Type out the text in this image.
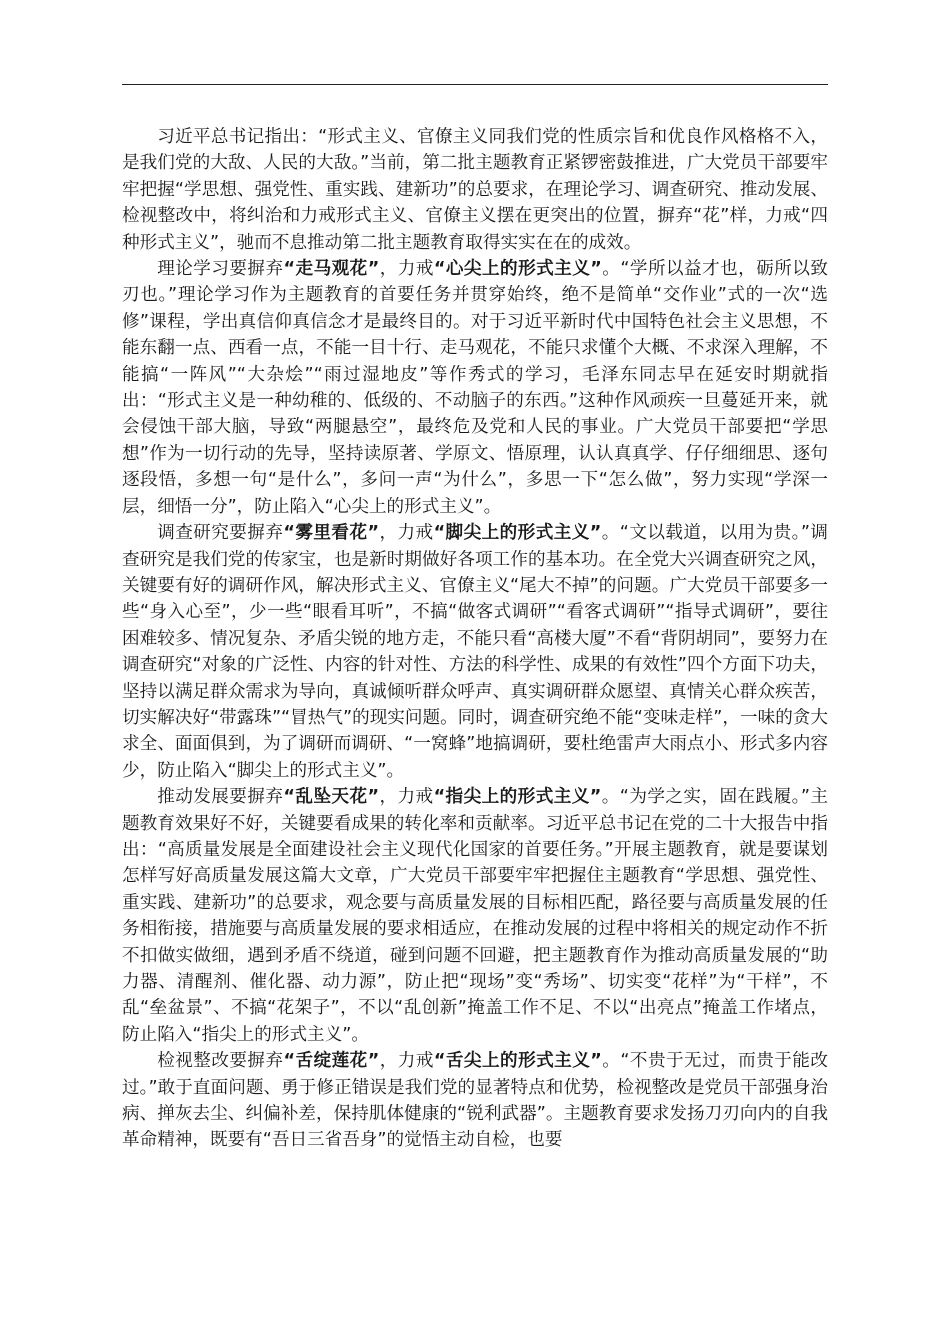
习近平总书记指出：“形式主义、官僚主义同我们党的性质宗旨和优良作风格格不入，是我们党的大敌、人民的大敌。”当前，第二批主题教育正紧锣密鼓推进，广大党员干部要牢牢把握“学思想、强党性、重实践、建新功”的总要求，在理论学习、调查研究、推动发展、检视整改中，将纠治和力戒形式主义、官僚主义摆在更突出的位置，摒弃“花”样，力戒“四种形式主义”，驰而不息推动第二批主题教育取得实实在在的成效。

理论学习要摒弃“走马观花”，力戒“心尖上的形式主义”。“学所以益才也，砺所以致刃也。”理论学习作为主题教育的首要任务并贯穿始终，绝不是简单“交作业”式的一次“选修”课程，学出真信仰真信念才是最终目的。对于习近平新时代中国特色社会主义思想，不能东翻一点、西看一点，不能一目十行、走马观花，不能只求懂个大概、不求深入理解，不能搞“一阵风”“大杂烩”“雨过湿地皮”等作秀式的学习，毛泽东同志早在延安时期就指出：“形式主义是一种幼稚的、低级的、不动脑子的东西。”这种作风顽疾一旦蔓延开来，就会侵蚀干部大脑，导致“两腿悬空”，最终危及党和人民的事业。广大党员干部要把“学思想”作为一切行动的先导，坚持读原著、学原文、悟原理，认认真真学、仔仔细细思、逐句逐段悟，多想一句“是什么”，多问一声“为什么”，多思一下“怎么做”，努力实现“学深一层，细悟一分”，防止陷入“心尖上的形式主义”。

调查研究要摒弃“雾里看花”，力戒“脚尖上的形式主义”。“文以载道，以用为贵。”调查研究是我们党的传家宝，也是新时期做好各项工作的基本功。在全党大兴调查研究之风，关键要有好的调研作风，解决形式主义、官僚主义“尾大不掉”的问题。广大党员干部要多一些“身入心至”，少一些“眼看耳听”，不搞“做客式调研”“看客式调研”“指导式调研”，要往困难较多、情况复杂、矛盾尖锐的地方走，不能只看“高楼大厦”不看“背阴胡同”，要努力在调查研究“对象的广泛性、内容的针对性、方法的科学性、成果的有效性”四个方面下功夫，坚持以满足群众需求为导向，真诚倾听群众呼声、真实调研群众愿望、真情关心群众疾苦，切实解决好“带露珠”“冒热气”的现实问题。同时，调查研究绝不能“变味走样”，一味的贪大求全、面面俱到，为了调研而调研、“一窝蜂”地搞调研，要杜绝雷声大雨点小、形式多内容少，防止陷入“脚尖上的形式主义”。

推动发展要摒弃“乱坠天花”，力戒“指尖上的形式主义”。“为学之实，固在践履。”主题教育效果好不好，关键要看成果的转化率和贡献率。习近平总书记在党的二十大报告中指出：“高质量发展是全面建设社会主义现代化国家的首要任务。”开展主题教育，就是要谋划怎样写好高质量发展这篇大文章，广大党员干部要牢牢把握住主题教育“学思想、强党性、重实践、建新功”的总要求，观念要与高质量发展的目标相匹配，路径要与高质量发展的任务相衔接，措施要与高质量发展的要求相适应，在推动发展的过程中将相关的规定动作不折不扣做实做细，遇到矛盾不绕道，碰到问题不回避，把主题教育作为推动高质量发展的“助力器、清醒剂、催化器、动力源”，防止把“现场”变“秀场”、切实变“花样”为“干样”，不乱“垒盆景”、不搞“花架子”，不以“乱创新”掩盖工作不足、不以“出亮点”掩盖工作堵点，防止陷入“指尖上的形式主义”。

检视整改要摒弃“舌绽莲花”，力戒“舌尖上的形式主义”。“不贵于无过，而贵于能改过。”敢于直面问题、勇于修正错误是我们党的显著特点和优势，检视整改是党员干部强身治病、掸灰去尘、纠偏补差，保持肌体健康的“锐利武器”。主题教育要求发扬刀刃向内的自我革命精神，既要有“吾日三省吾身”的觉悟主动自检，也要
